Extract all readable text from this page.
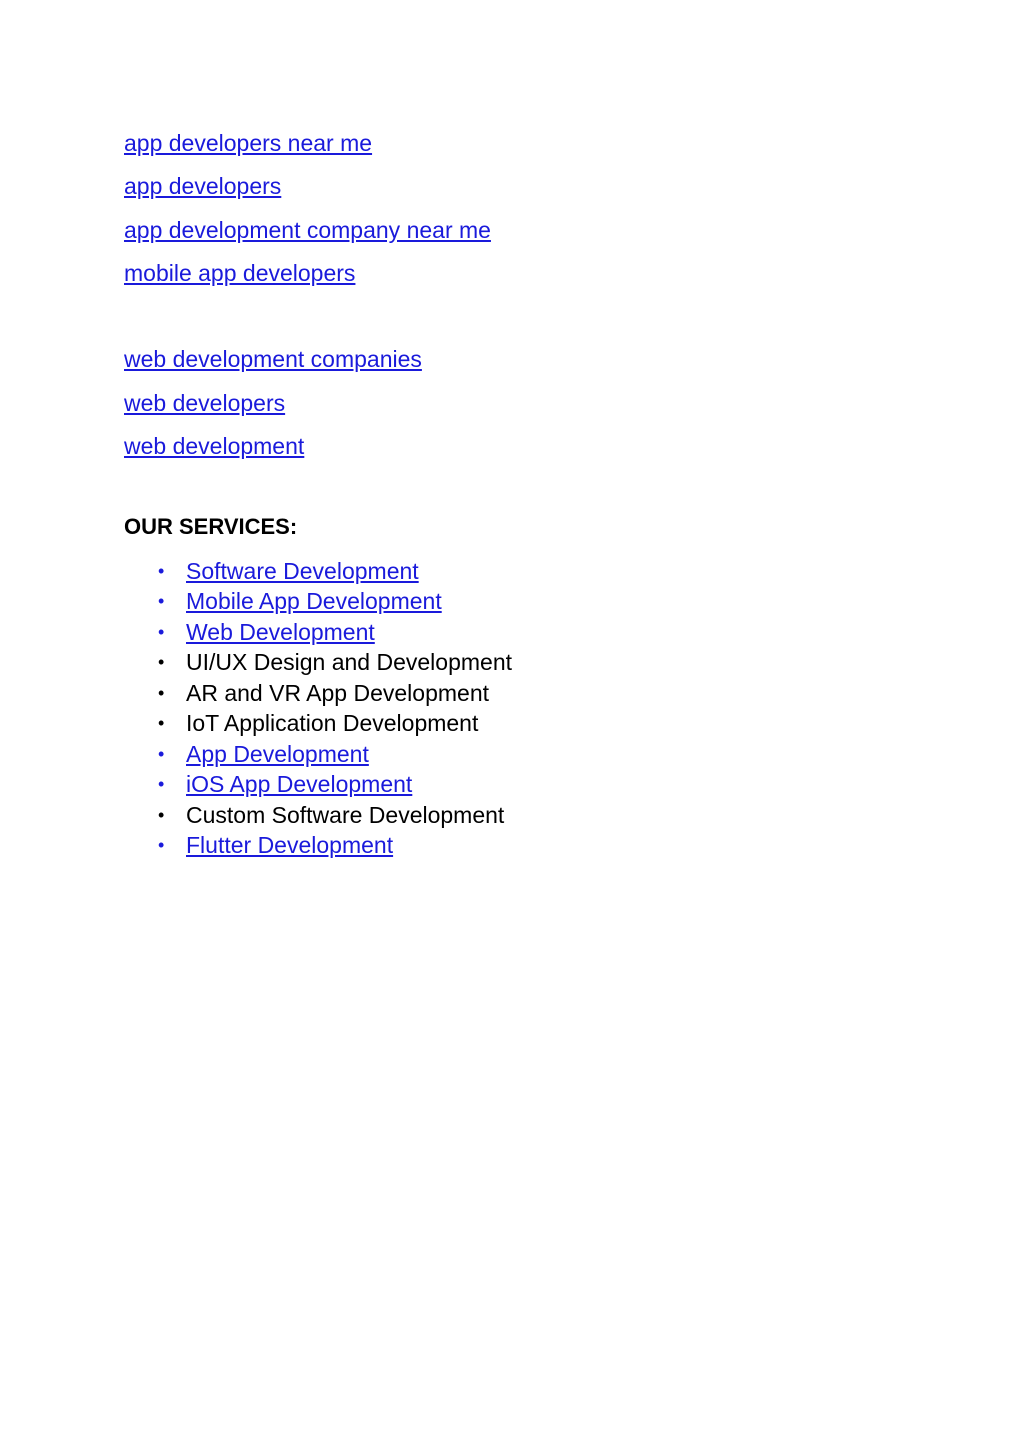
app developers near me
app developers
app development company near me
mobile app developers
web development companies
web developers
web development
OUR SERVICES:
• Software Development
• Mobile App Development
• Web Development
• UI/UX Design and Development
• AR and VR App Development
• IoT Application Development
• App Development
• iOS App Development
• Custom Software Development
• Flutter Development
